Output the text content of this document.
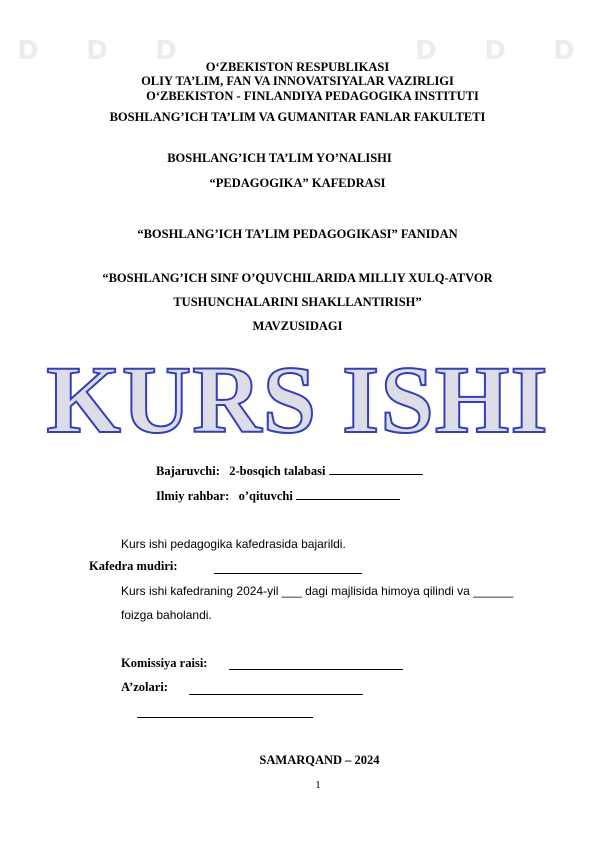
D D D	D D D
O‘ZBEKISTON RESPUBLIKASI
OLIY TA’LIM, FAN VA INNOVATSIYALAR VAZIRLIGI
O‘ZBEKISTON - FINLANDIYA PEDAGOGIKA INSTITUTI
BOSHLANG’ICH TA’LIM VA GUMANITAR FANLAR FAKULTETI
BOSHLANG’ICH TA’LIM YO’NALISHI
“PEDAGOGIKA” KAFEDRASI
“BOSHLANG’ICH TA’LIM PEDAGOGIKASI” FANIDAN
“BOSHLANG’ICH SINF O’QUVCHILARIDA MILLIY XULQ-ATVOR
TUSHUNCHALARINI SHAKLLANTIRISH”
MAVZUSIDAGI
KURS ISHI
Bajaruvchi: 2-bosqich talabasi
Ilmiy rahbar: o’qituvchi
Kurs ishi pedagogika kafedrasida bajarildi.
Kafedra mudiri:
Kurs ishi kafedraning 2024-yil ___ dagi majlisida himoya qilindi va ______
foizga baholandi.
Komissiya raisi:
A’zolari:
SAMARQAND – 2024
1
